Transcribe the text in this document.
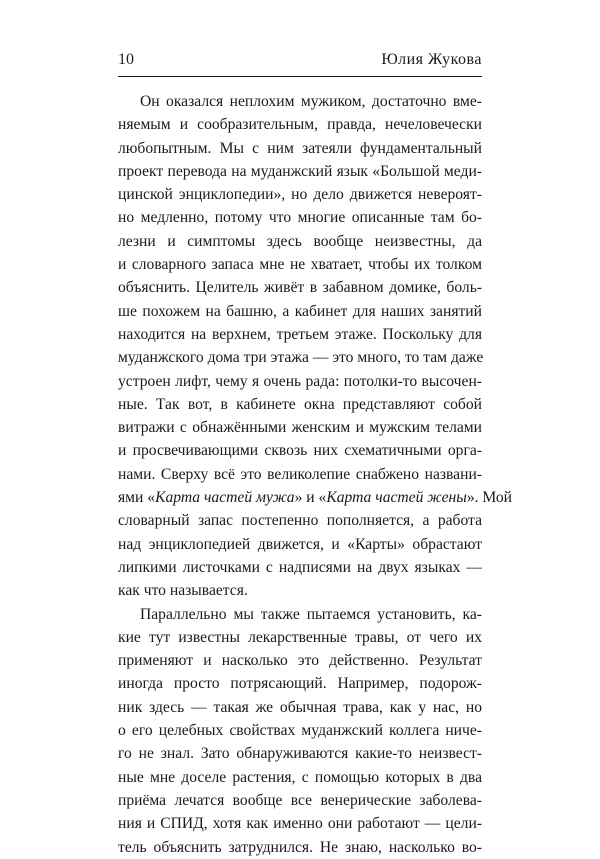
10	Юлия Жукова
Он оказался неплохим мужиком, достаточно вме-
няемым и сообразительным, правда, нечеловечески
любопытным. Мы с ним затеяли фундаментальный
проект перевода на муданжский язык «Большой меди-
цинской энциклопедии», но дело движется невероят-
но медленно, потому что многие описанные там бо-
лезни и симптомы здесь вообще неизвестны, да
и словарного запаса мне не хватает, чтобы их толком
объяснить. Целитель живёт в забавном домике, боль-
ше похожем на башню, а кабинет для наших занятий
находится на верхнем, третьем этаже. Поскольку для
муданжского дома три этажа — это много, то там даже
устроен лифт, чему я очень рада: потолки-то высочен-
ные. Так вот, в кабинете окна представляют собой
витражи с обнажёнными женским и мужским телами
и просвечивающими сквозь них схематичными орга-
нами. Сверху всё это великолепие снабжено названи-
ями «Карта частей мужа» и «Карта частей жены». Мой
словарный запас постепенно пополняется, а работа
над энциклопедией движется, и «Карты» обрастают
липкими листочками с надписями на двух языках —
как что называется.
Параллельно мы также пытаемся установить, ка-
кие тут известны лекарственные травы, от чего их
применяют и насколько это действенно. Результат
иногда просто потрясающий. Например, подорож-
ник здесь — такая же обычная трава, как у нас, но
о его целебных свойствах муданжский коллега ниче-
го не знал. Зато обнаруживаются какие-то неизвест-
ные мне доселе растения, с помощью которых в два
приёма лечатся вообще все венерические заболева-
ния и СПИД, хотя как именно они работают — цели-
тель объяснить затруднился. Не знаю, насколько во-
